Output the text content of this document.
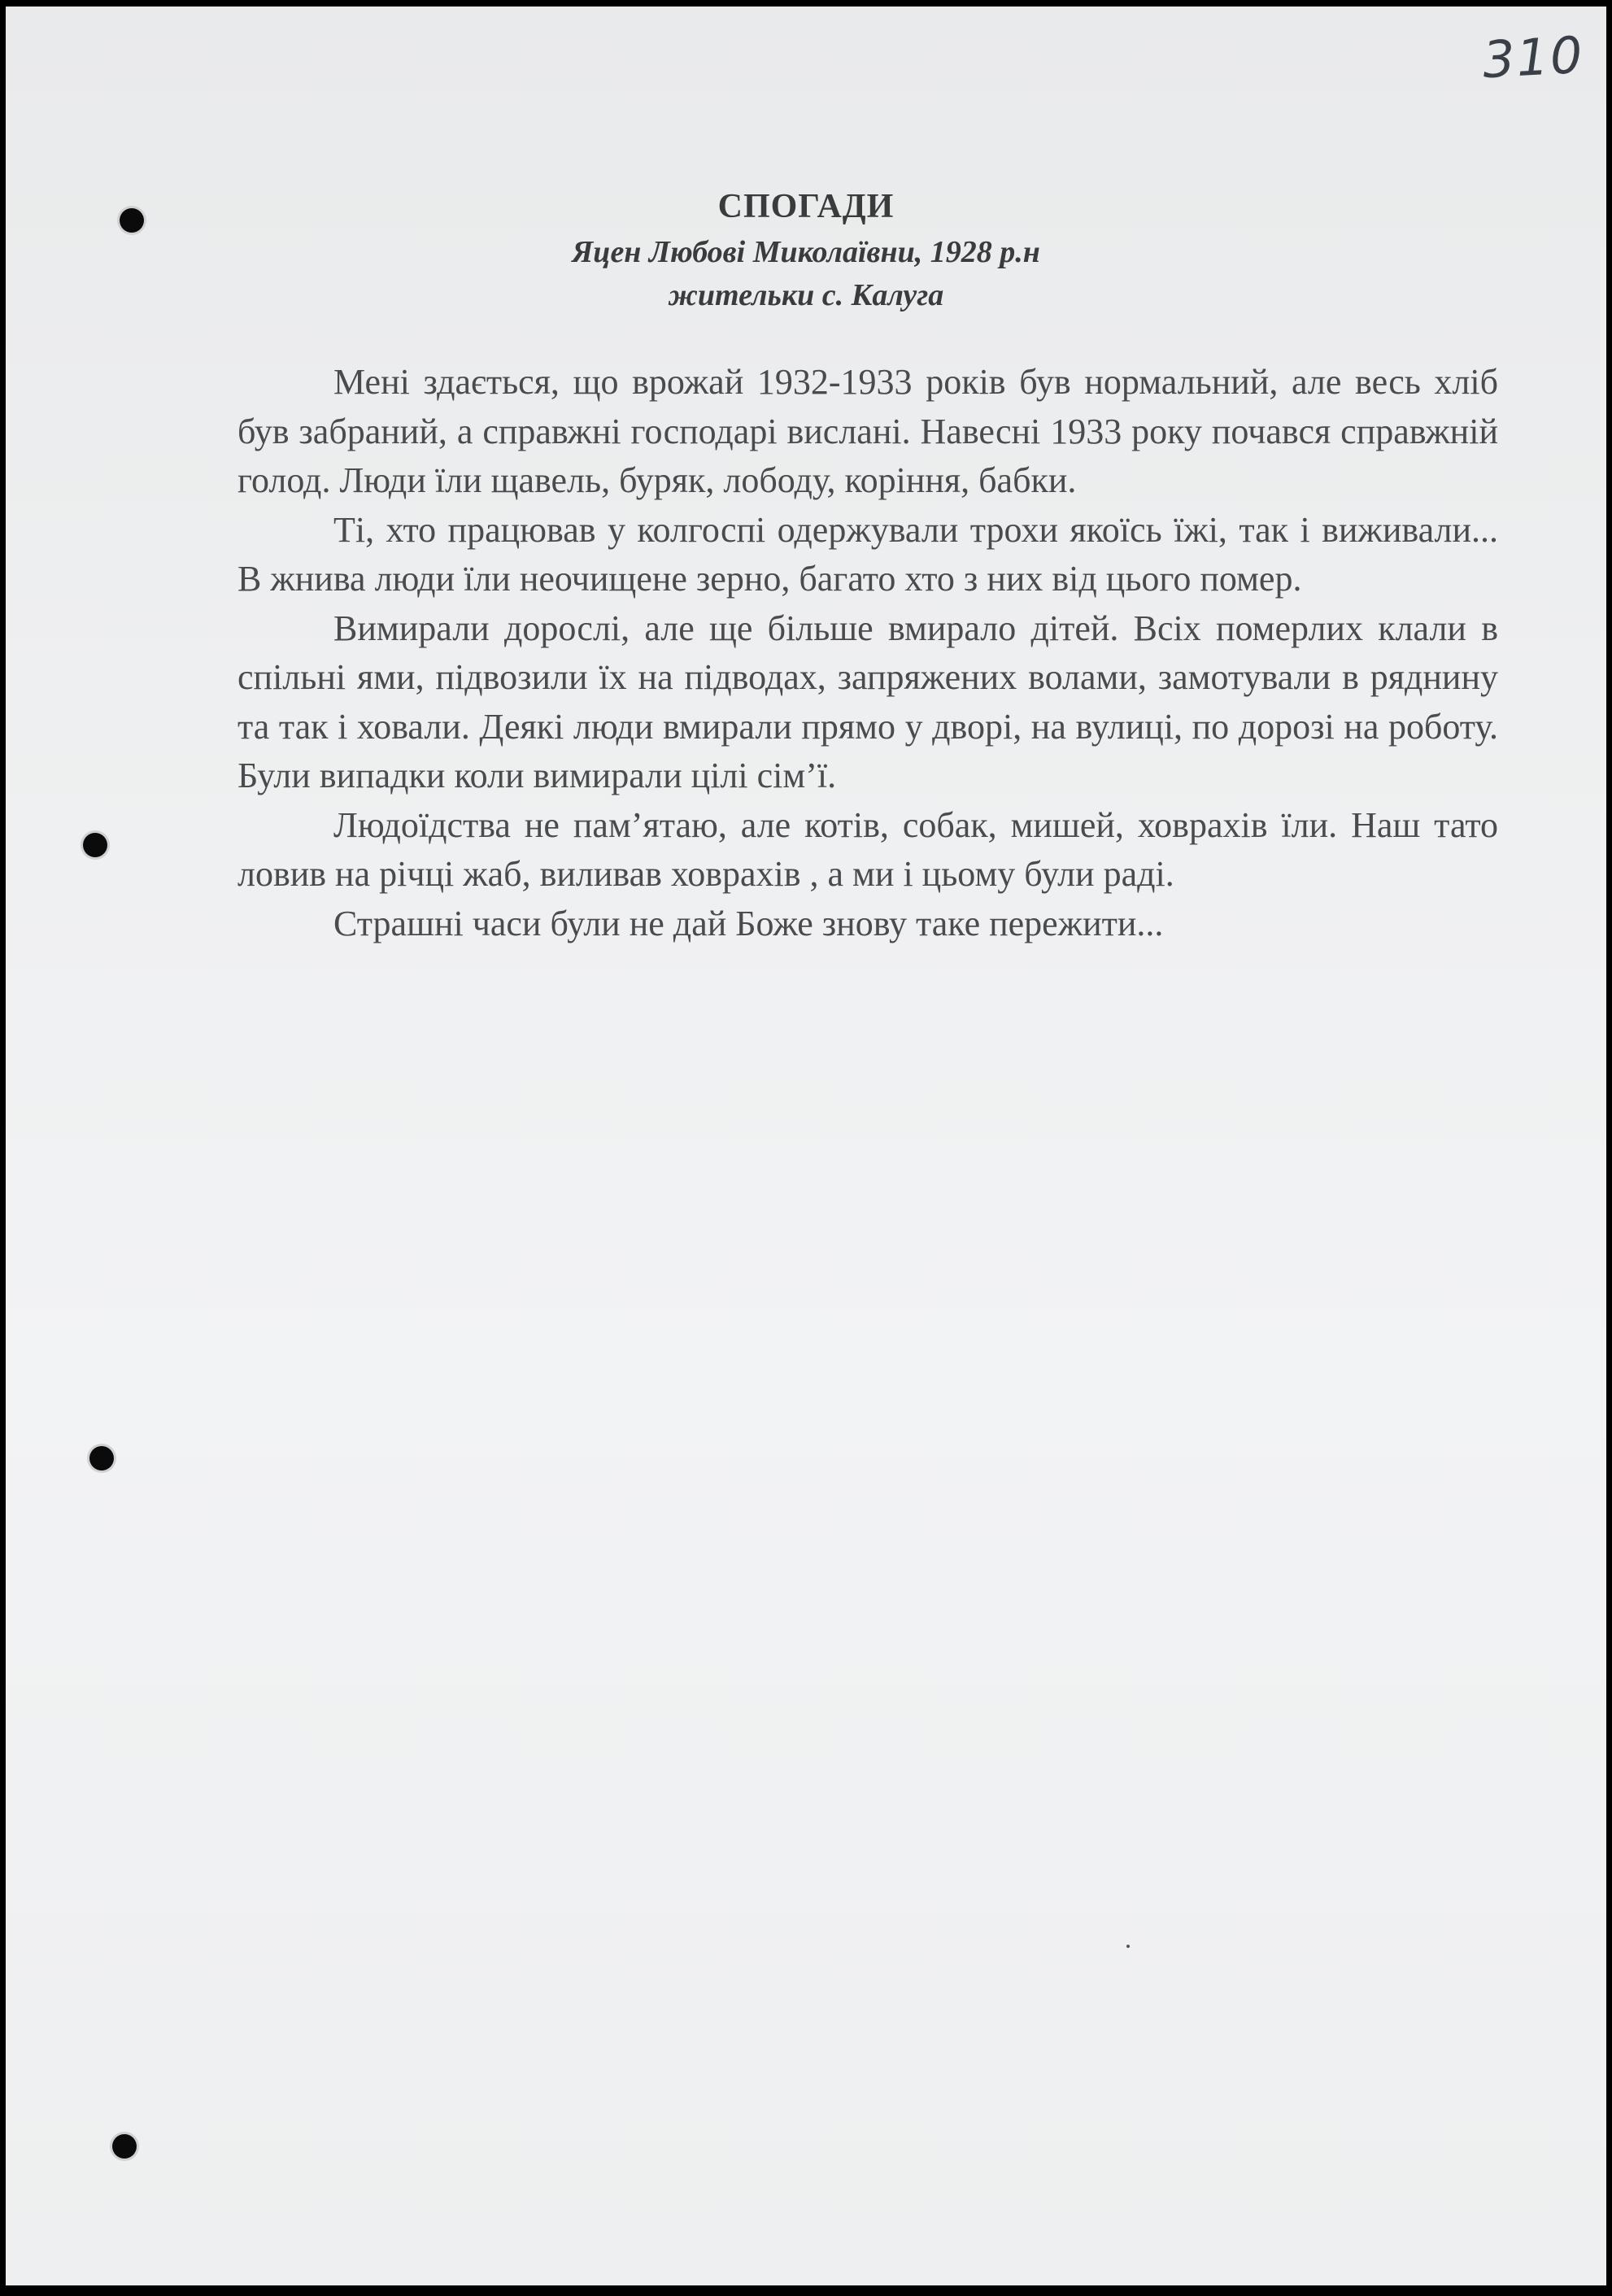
310
СПОГАДИ
Яцен Любові Миколаївни, 1928 р.н
жительки с. Калуга

Мені здається, що врожай 1932-1933 років був нормальний, але весь хліб був забраний, а справжні господарі вислані. Навесні 1933 року почався справжній голод. Люди їли щавель, буряк, лободу, коріння, бабки.

Ті, хто працював у колгоспі одержували трохи якоїсь їжі, так і виживали... В жнива люди їли неочищене зерно, багато хто з них від цього помер.

Вимирали дорослі, але ще більше вмирало дітей. Всіх померлих клали в спільні ями, підвозили їх на підводах, запряжених волами, замотували в ряднину та так і ховали. Деякі люди вмирали прямо у дворі, на вулиці, по дорозі на роботу. Були випадки коли вимирали цілі сім’ї.

Людоїдства не пам’ятаю, але котів, собак, мишей, ховрахів їли. Наш тато ловив на річці жаб, виливав ховрахів , а ми і цьому були раді.

Страшні часи були не дай Боже знову таке пережити...
